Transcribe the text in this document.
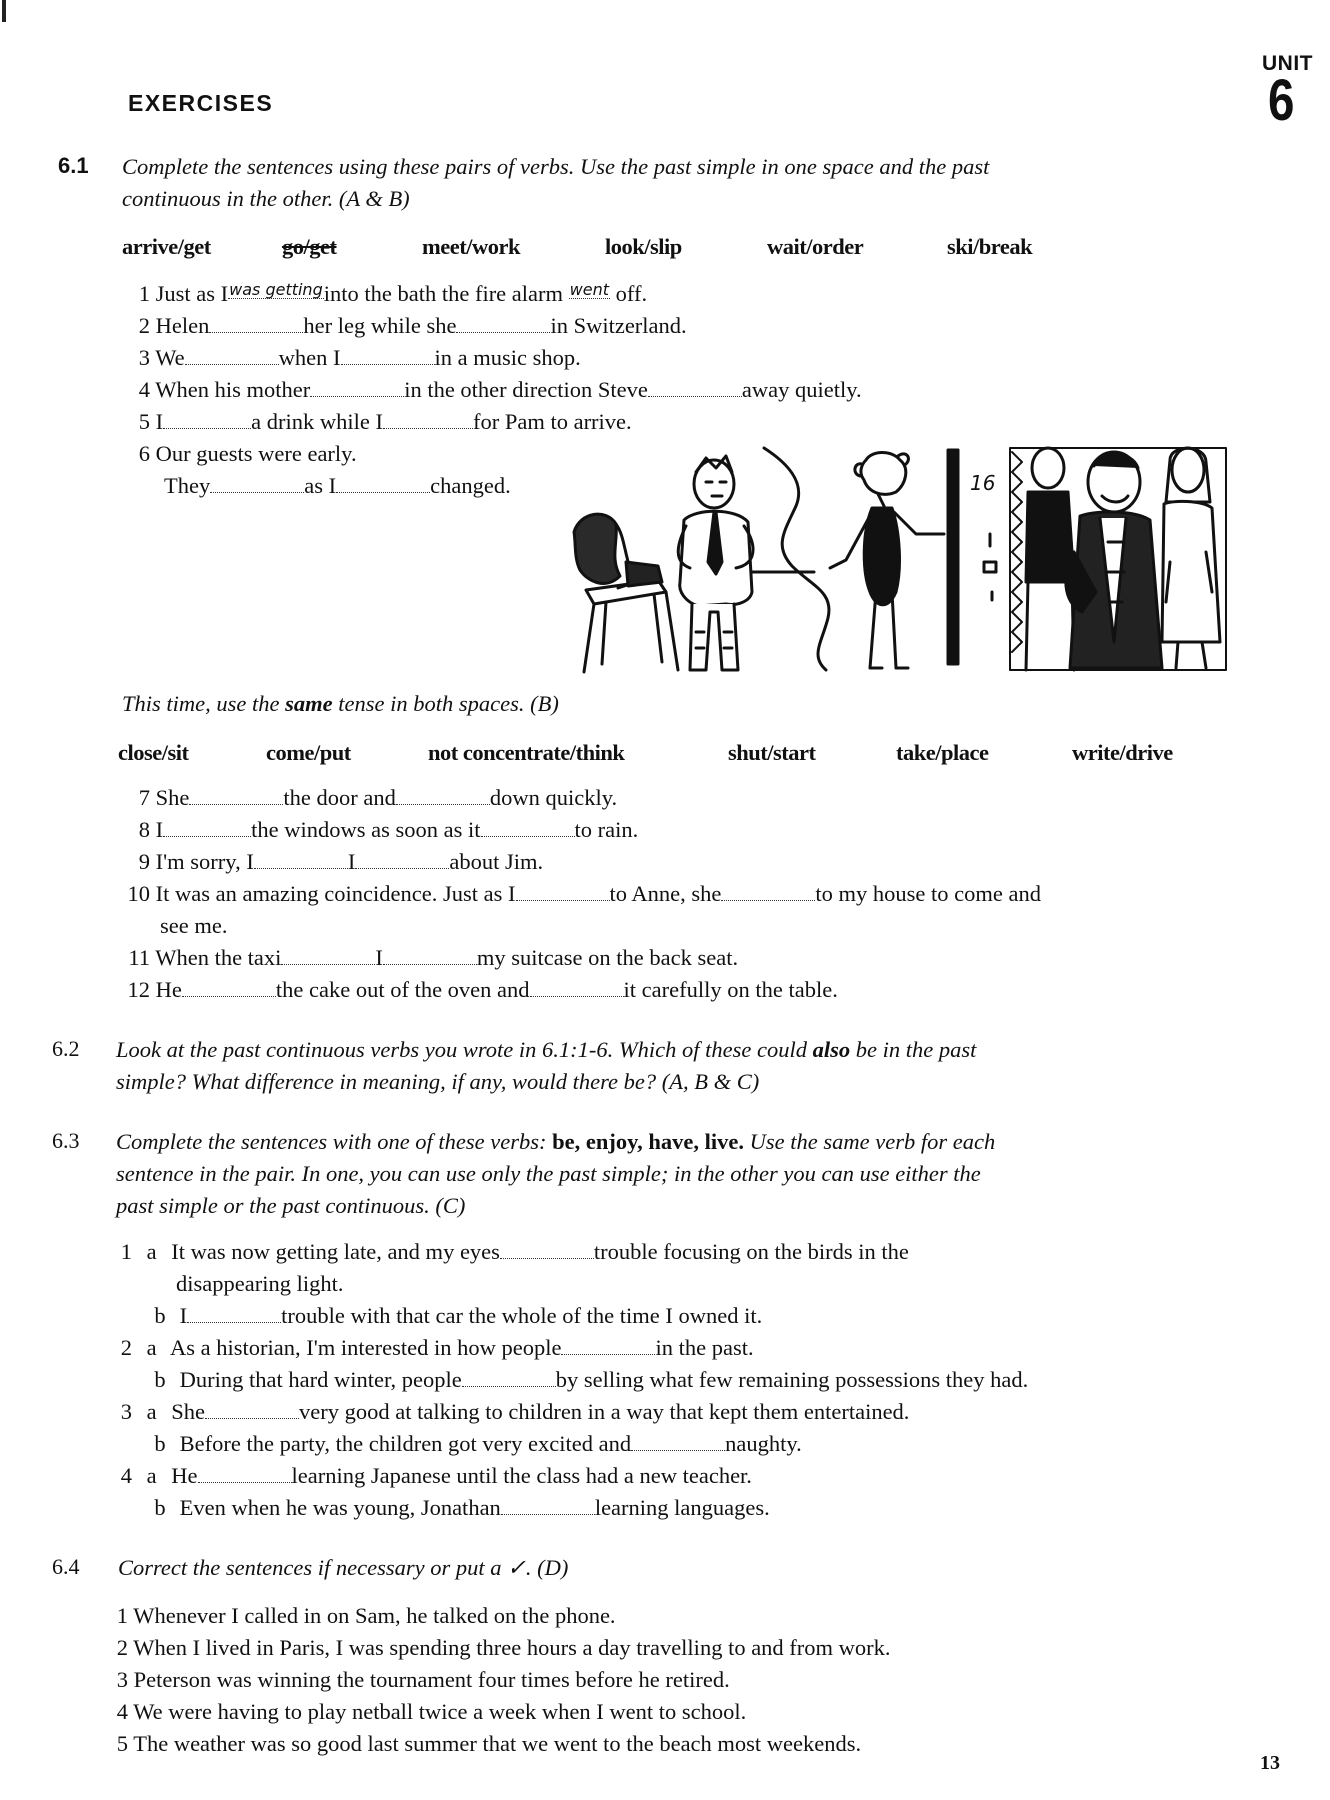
UNIT
6
EXERCISES
6.1 Complete the sentences using these pairs of verbs. Use the past simple in one space and the past
continuous in the other. (A & B)
arrive/get	go/get	meet/work	look/slip	wait/order	ski/break
1 Just as Iwas gettinginto the bath the fire alarm went off.
2 Helen	her leg while she	in Switzerland.
3 We	when I	in a music shop.
4 When his mother	in the other direction Steve	away quietly.
5 I	a drink while I	for Pam to arrive.
6 Our guests were early.
They	as I	changed.	16
This time, use the same tense in both spaces. (B)
close/sit	come/put	not concentrate/think	shut/start	take/place	write/drive
7 She	the door and	down quickly.
8 I	the windows as soon as it	to rain.
9 I'm sorry, I	I	about Jim.
10 It was an amazing coincidence. Just as I	to Anne, she	to my house to come and
see me.
11 When the taxi	I	my suitcase on the back seat.
12 He	the cake out of the oven and	it carefully on the table.
6.2 Look at the past continuous verbs you wrote in 6.1:1-6. Which of these could also be in the past
simple? What difference in meaning, if any, would there be? (A, B & C)
6.3 Complete the sentences with one of these verbs: be, enjoy, have, live. Use the same verb for each
sentence in the pair. In one, you can use only the past simple; in the other you can use either the
past simple or the past continuous. (C)
1 a It was now getting late, and my eyes	trouble focusing on the birds in the
disappearing light.
b I	trouble with that car the whole of the time I owned it.
2 a As a historian, I'm interested in how people	in the past.
b During that hard winter, people	by selling what few remaining possessions they had.
3 a She	very good at talking to children in a way that kept them entertained.
b Before the party, the children got very excited and	naughty.
4 a He	learning Japanese until the class had a new teacher.
b Even when he was young, Jonathan	learning languages.
6.4 Correct the sentences if necessary or put a ✓. (D)
1 Whenever I called in on Sam, he talked on the phone.
2 When I lived in Paris, I was spending three hours a day travelling to and from work.
3 Peterson was winning the tournament four times before he retired.
4 We were having to play netball twice a week when I went to school.
5 The weather was so good last summer that we went to the beach most weekends.
13
